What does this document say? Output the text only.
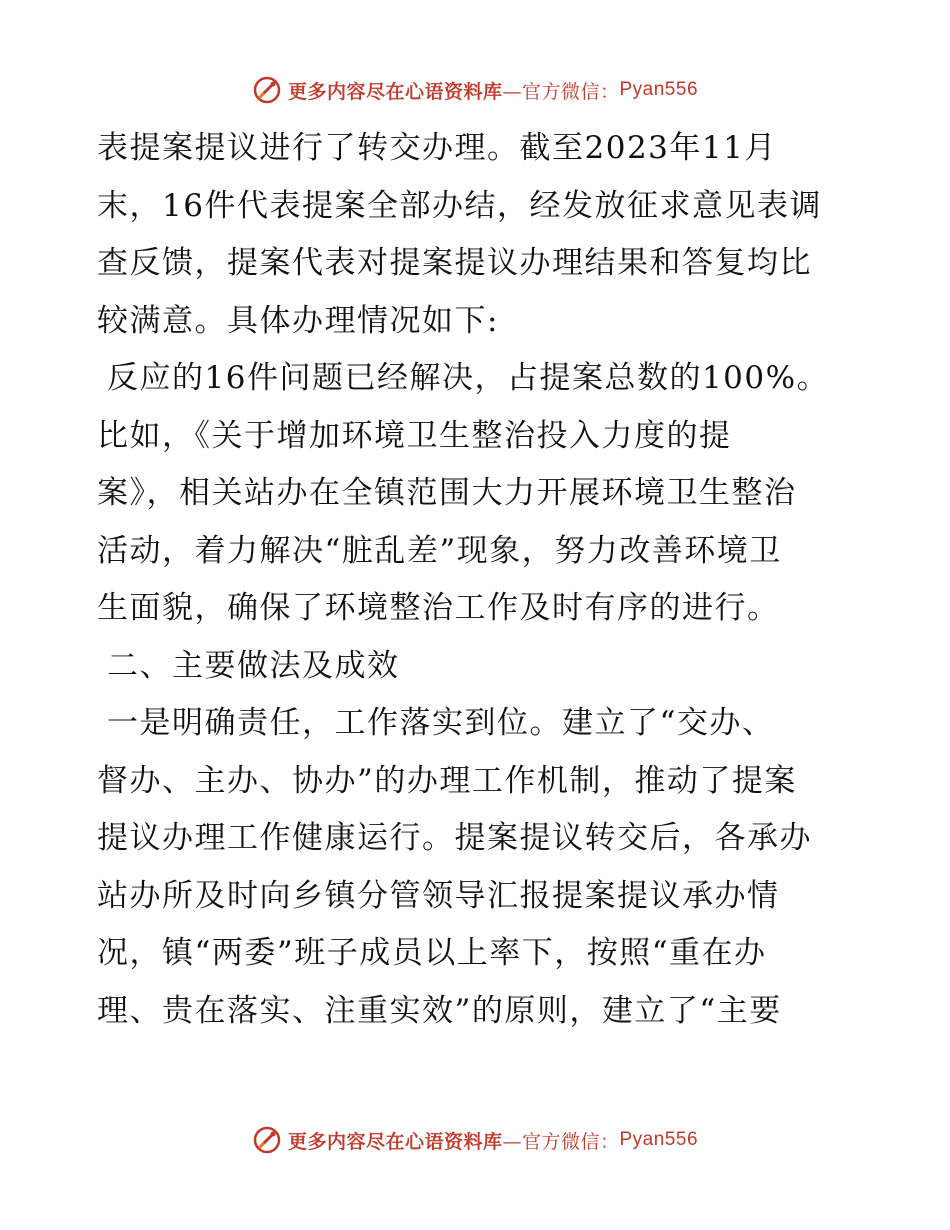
更多内容尽在心语资料库 —官方微信： Pyan556
表提案提议进行了转交办理。截至2023年11月
末，16件代表提案全部办结，经发放征求意见表调
查反馈，提案代表对提案提议办理结果和答复均比
较满意。具体办理情况如下:
反应的16件问题已经解决，占提案总数的100%。
比如，《关于增加环境卫生整治投入力度的提
案》，相关站办在全镇范围大力开展环境卫生整治
活动，着力解决“脏乱差”现象，努力改善环境卫
生面貌，确保了环境整治工作及时有序的进行。
二、主要做法及成效
一是明确责任，工作落实到位。建立了“交办、
督办、主办、协办”的办理工作机制，推动了提案
提议办理工作健康运行。提案提议转交后，各承办
站办所及时向乡镇分管领导汇报提案提议承办情
况，镇“两委”班子成员以上率下，按照“重在办
理、贵在落实、注重实效”的原则，建立了“主要
更多内容尽在心语资料库 —官方微信： Pyan556
